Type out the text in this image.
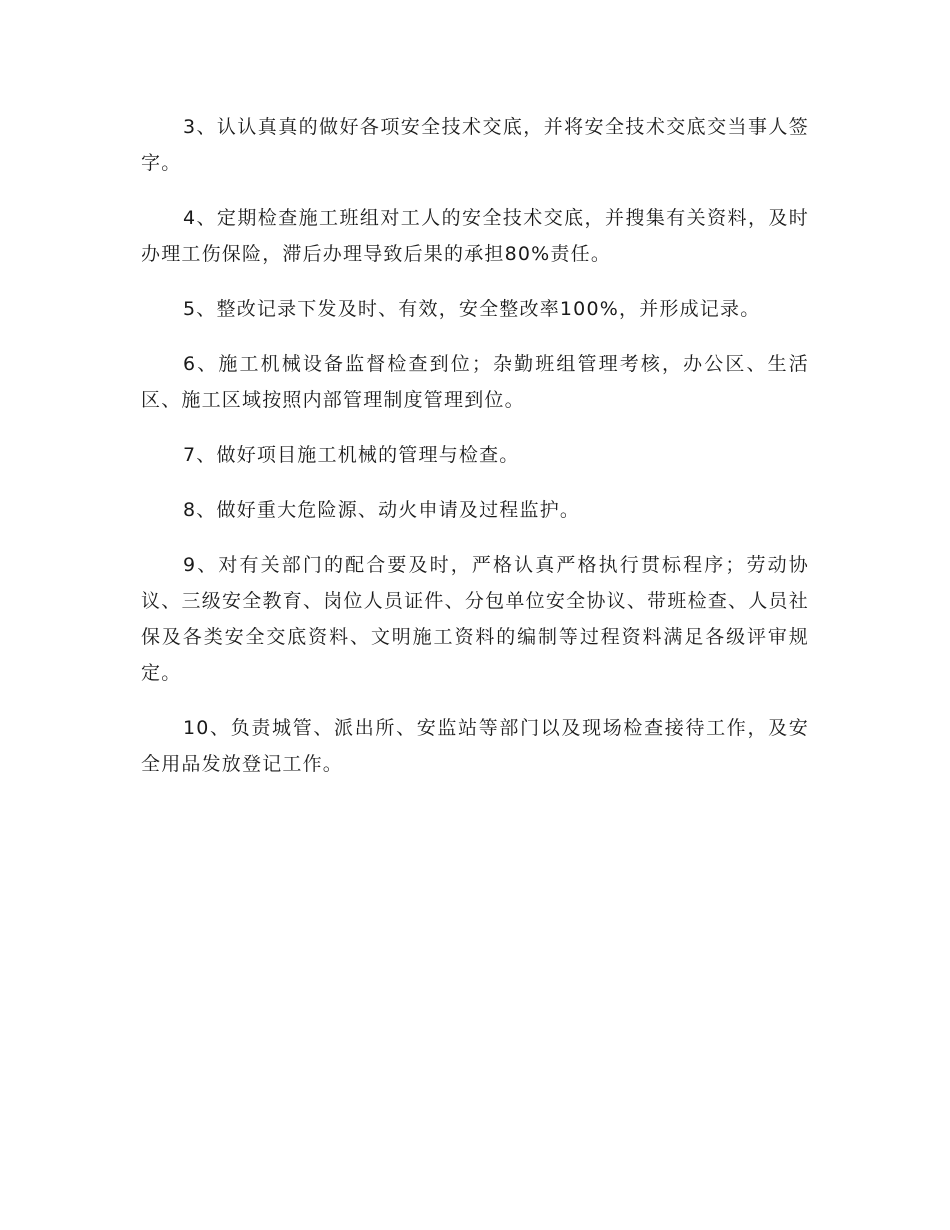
3、认认真真的做好各项安全技术交底，并将安全技术交底交当事人签字。

4、定期检查施工班组对工人的安全技术交底，并搜集有关资料，及时办理工伤保险，滞后办理导致后果的承担80%责任。

5、整改记录下发及时、有效，安全整改率100%，并形成记录。

6、施工机械设备监督检查到位；杂勤班组管理考核，办公区、生活区、施工区域按照内部管理制度管理到位。

7、做好项目施工机械的管理与检查。

8、做好重大危险源、动火申请及过程监护。

9、对有关部门的配合要及时，严格认真严格执行贯标程序；劳动协议、三级安全教育、岗位人员证件、分包单位安全协议、带班检查、人员社保及各类安全交底资料、文明施工资料的编制等过程资料满足各级评审规定。

10、负责城管、派出所、安监站等部门以及现场检查接待工作，及安全用品发放登记工作。
